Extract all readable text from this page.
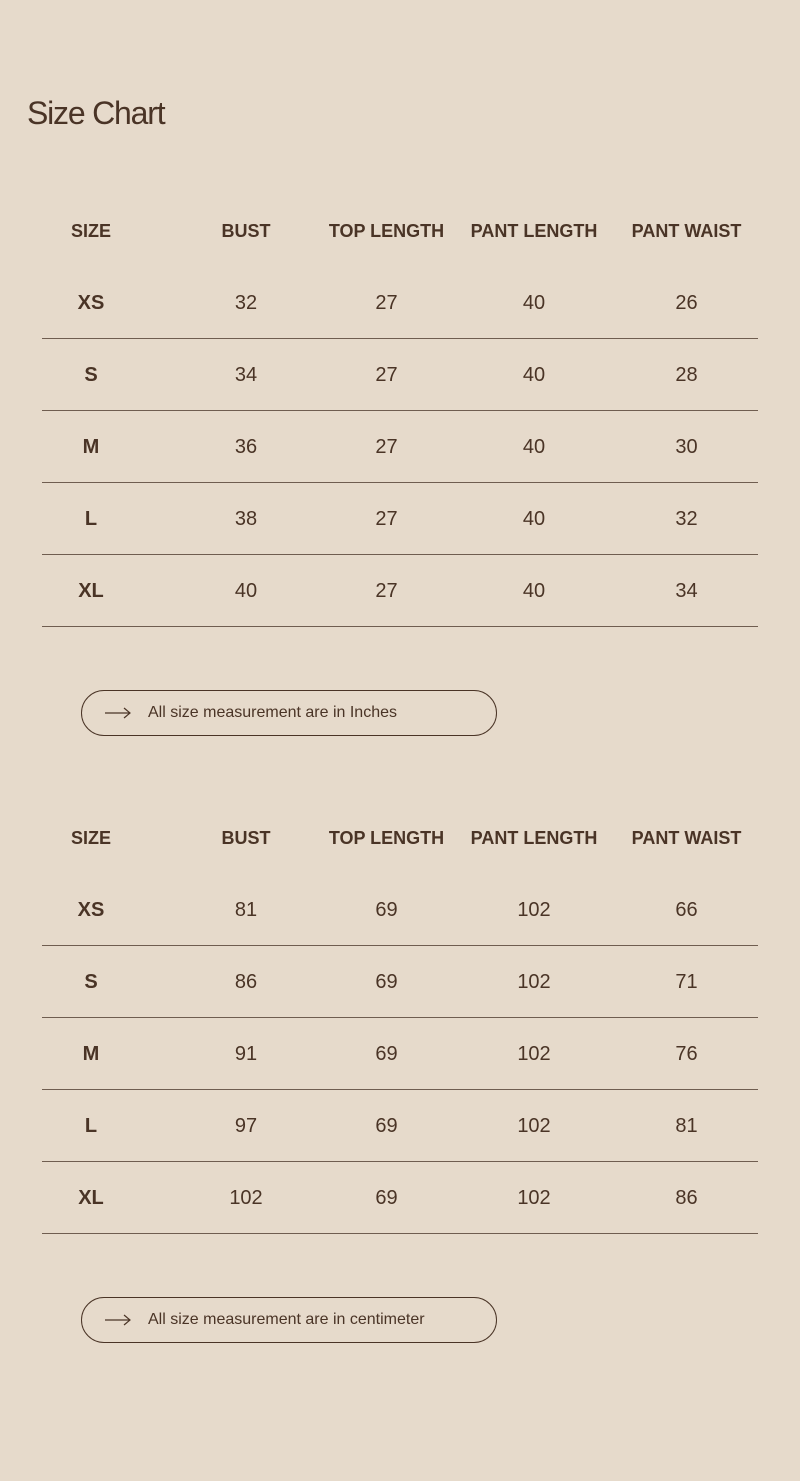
Size Chart
SIZE	BUST	TOP LENGTH	PANT LENGTH	PANT WAIST
XS	32	27	40	26
S	34	27	40	28
M	36	27	40	30
L	38	27	40	32
XL	40	27	40	34
All size measurement are in Inches
SIZE	BUST	TOP LENGTH	PANT LENGTH	PANT WAIST
XS	81	69	102	66
S	86	69	102	71
M	91	69	102	76
L	97	69	102	81
XL	102	69	102	86
All size measurement are in centimeter
